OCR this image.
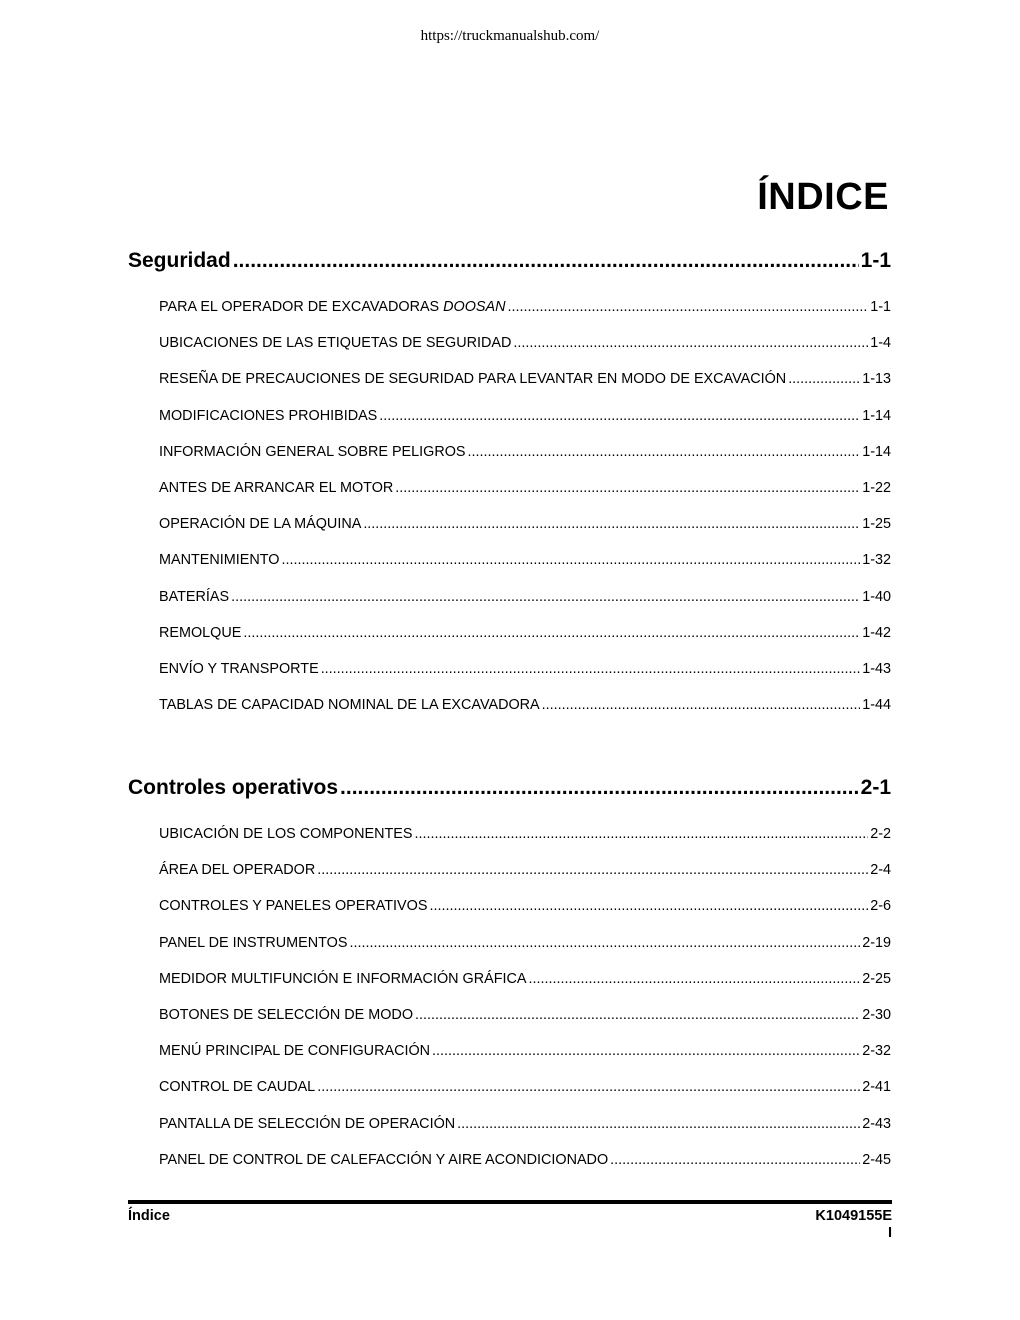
https://truckmanualshub.com/
ÍNDICE
Seguridad .....	1-1
PARA EL OPERADOR DE EXCAVADORAS DOOSAN .....	1-1
UBICACIONES DE LAS ETIQUETAS DE SEGURIDAD .....	1-4
RESEÑA DE PRECAUCIONES DE SEGURIDAD PARA LEVANTAR EN MODO DE EXCAVACIÓN .....	1-13
MODIFICACIONES PROHIBIDAS .....	1-14
INFORMACIÓN GENERAL SOBRE PELIGROS .....	1-14
ANTES DE ARRANCAR EL MOTOR .....	1-22
OPERACIÓN DE LA MÁQUINA .....	1-25
MANTENIMIENTO .....	1-32
BATERÍAS .....	1-40
REMOLQUE .....	1-42
ENVÍO Y TRANSPORTE .....	1-43
TABLAS DE CAPACIDAD NOMINAL DE LA EXCAVADORA .....	1-44
Controles operativos .....	2-1
UBICACIÓN DE LOS COMPONENTES .....	2-2
ÁREA DEL OPERADOR .....	2-4
CONTROLES Y PANELES OPERATIVOS .....	2-6
PANEL DE INSTRUMENTOS .....	2-19
MEDIDOR MULTIFUNCIÓN E INFORMACIÓN GRÁFICA .....	2-25
BOTONES DE SELECCIÓN DE MODO .....	2-30
MENÚ PRINCIPAL DE CONFIGURACIÓN .....	2-32
CONTROL DE CAUDAL .....	2-41
PANTALLA DE SELECCIÓN DE OPERACIÓN .....	2-43
PANEL DE CONTROL DE CALEFACCIÓN Y AIRE ACONDICIONADO .....	2-45
Índice	K1049155E
I
